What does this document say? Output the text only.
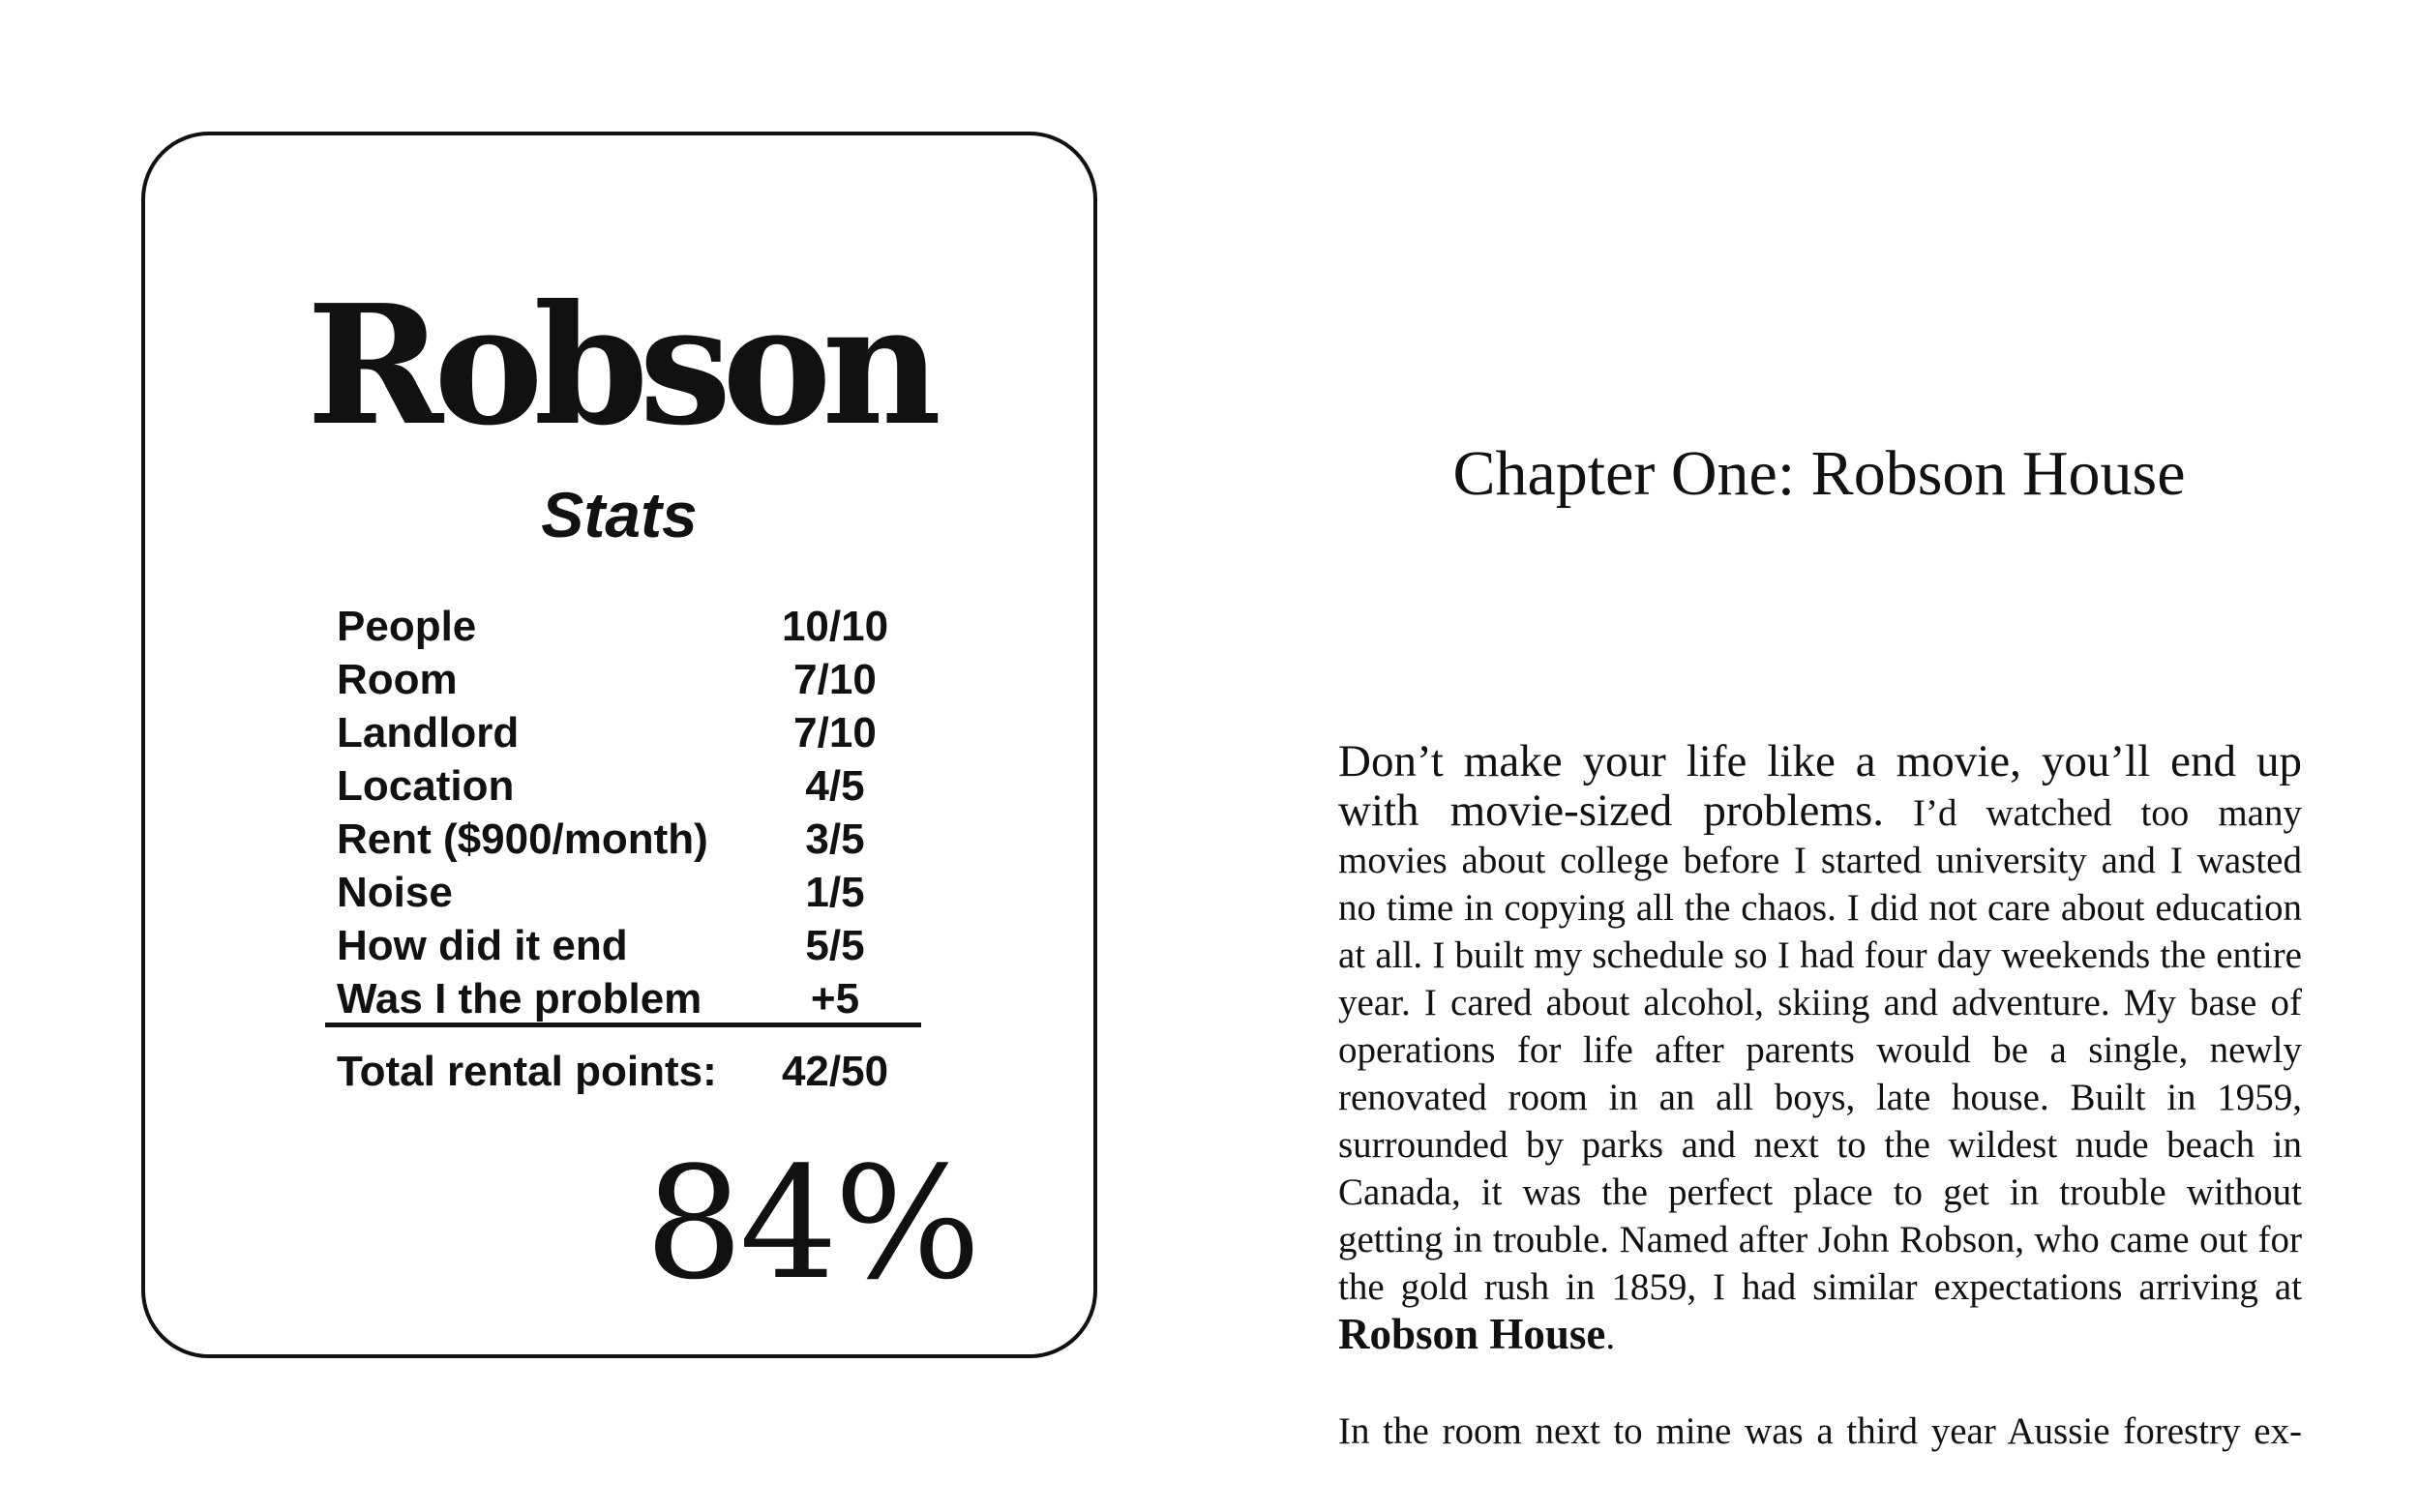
Robson
Stats
People	10/10
Room	7/10
Landlord	7/10
Location	4/5
Rent ($900/month)	3/5
Noise	1/5
How did it end	5/5
Was I the problem	+5
Total rental points: 42/50
84%
Chapter One: Robson House

Don’t make your life like a movie, you’ll end up with movie-sized problems. I’d watched too many movies about college before I started university and I wasted no time in copying all the chaos. I did not care about education at all. I built my schedule so I had four day weekends the entire year. I cared about alcohol, skiing and adventure. My base of operations for life after parents would be a single, newly renovated room in an all boys, late house. Built in 1959, surrounded by parks and next to the wildest nude beach in Canada, it was the perfect place to get in trouble without getting in trouble. Named after John Robson, who came out for the gold rush in 1859, I had similar expectations arriving at Robson House.

In the room next to mine was a third year Aussie forestry ex-
